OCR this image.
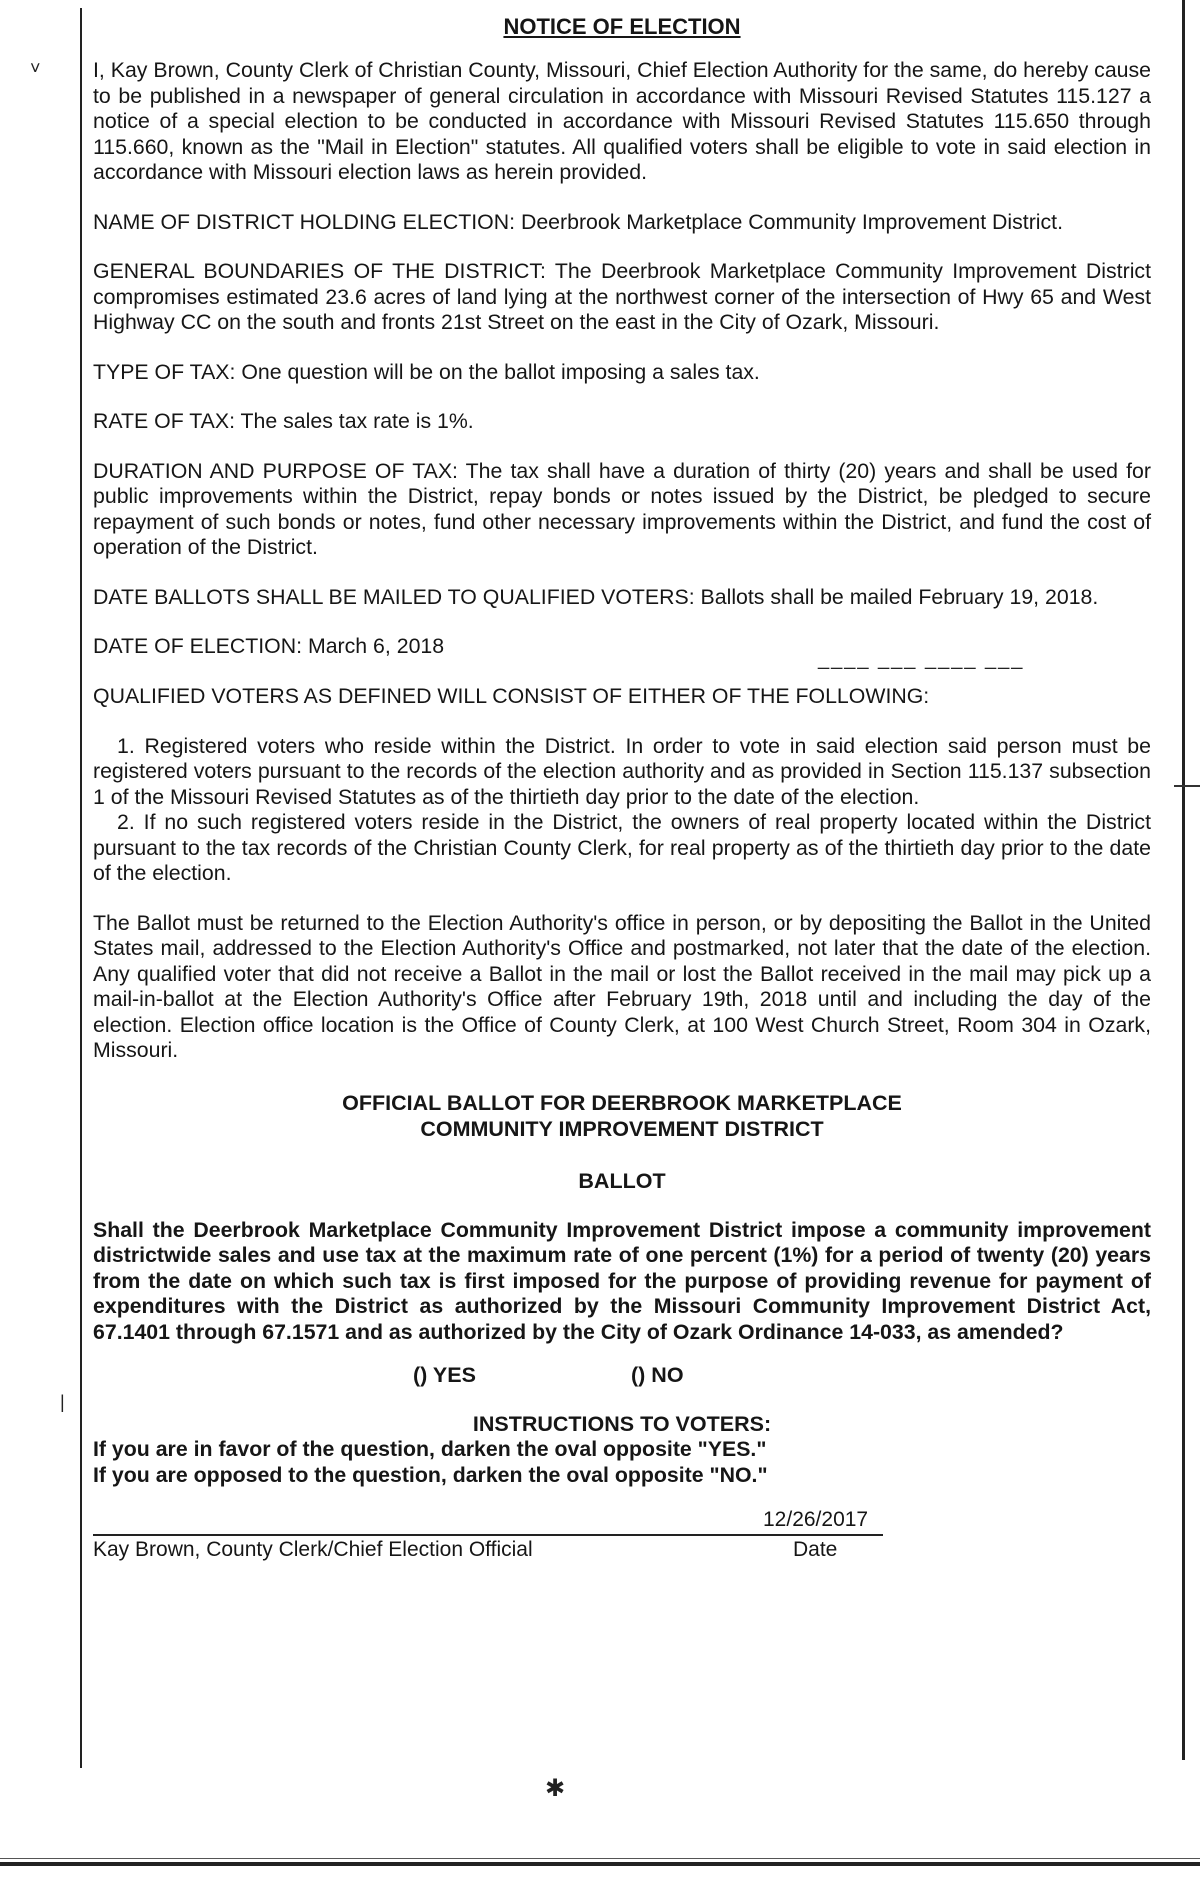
˅
|
✱
NOTICE OF ELECTION

I, Kay Brown, County Clerk of Christian County, Missouri, Chief Election Authority for the same, do hereby cause to be published in a newspaper of general circulation in accordance with Missouri Revised Statutes 115.127 a notice of a special election to be conducted in accordance with Missouri Revised Statutes 115.650 through 115.660, known as the "Mail in Election" statutes. All qualified voters shall be eligible to vote in said election in accordance with Missouri election laws as herein provided.

NAME OF DISTRICT HOLDING ELECTION: Deerbrook Marketplace Community Improvement District.

GENERAL BOUNDARIES OF THE DISTRICT: The Deerbrook Marketplace Community Improvement District compromises estimated 23.6 acres of land lying at the northwest corner of the intersection of Hwy 65 and West Highway CC on the south and fronts 21st Street on the east in the City of Ozark, Missouri.

TYPE OF TAX: One question will be on the ballot imposing a sales tax.

RATE OF TAX: The sales tax rate is 1%.

DURATION AND PURPOSE OF TAX: The tax shall have a duration of thirty (20) years and shall be used for public improvements within the District, repay bonds or notes issued by the District, be pledged to secure repayment of such bonds or notes, fund other necessary improvements within the District, and fund the cost of operation of the District.

DATE BALLOTS SHALL BE MAILED TO QUALIFIED VOTERS: Ballots shall be mailed February 19, 2018.

DATE OF ELECTION: March 6, 2018

____ ___ ____ ___

QUALIFIED VOTERS AS DEFINED WILL CONSIST OF EITHER OF THE FOLLOWING:

1. Registered voters who reside within the District. In order to vote in said election said person must be registered voters pursuant to the records of the election authority and as provided in Section 115.137 subsection 1 of the Missouri Revised Statutes as of the thirtieth day prior to the date of the election.

2. If no such registered voters reside in the District, the owners of real property located within the District pursuant to the tax records of the Christian County Clerk, for real property as of the thirtieth day prior to the date of the election.

The Ballot must be returned to the Election Authority's office in person, or by depositing the Ballot in the United States mail, addressed to the Election Authority's Office and postmarked, not later that the date of the election. Any qualified voter that did not receive a Ballot in the mail or lost the Ballot received in the mail may pick up a mail-in-ballot at the Election Authority's Office after February 19th, 2018 until and including the day of the election. Election office location is the Office of County Clerk, at 100 West Church Street, Room 304 in Ozark, Missouri.

OFFICIAL BALLOT FOR DEERBROOK MARKETPLACE
COMMUNITY IMPROVEMENT DISTRICT
BALLOT

Shall the Deerbrook Marketplace Community Improvement District impose a community improvement districtwide sales and use tax at the maximum rate of one percent (1%) for a period of twenty (20) years from the date on which such tax is first imposed for the purpose of providing revenue for payment of expenditures with the District as authorized by the Missouri Community Improvement District Act, 67.1401 through 67.1571 and as authorized by the City of Ozark Ordinance 14-033, as amended?

() YES	() NO
INSTRUCTIONS TO VOTERS:

If you are in favor of the question, darken the oval opposite "YES."

If you are opposed to the question, darken the oval opposite "NO."

12/26/2017
Kay Brown, County Clerk/Chief Election Official	Date
